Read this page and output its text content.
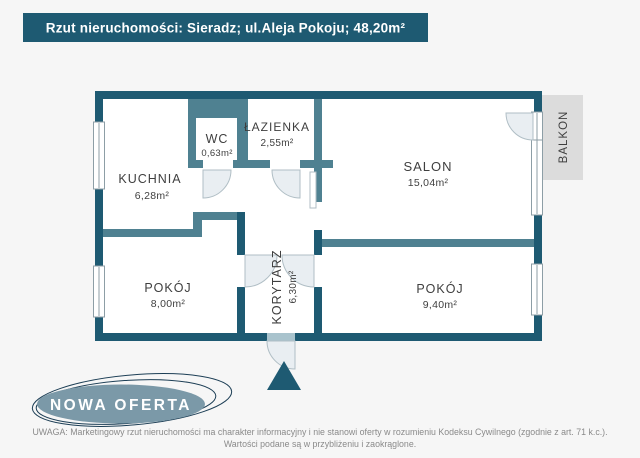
Rzut nieruchomości: Sieradz; ul.Aleja Pokoju; 48,20m²
BALKON
KUCHNIA
6,28m²
WC
0,63m²
ŁAZIENKA
2,55m²
SALON
15,04m²
POKÓJ
8,00m²	KORYTARZ 6,30m²	POKÓJ
9,40m²
NOWA OFERTA
UWAGA: Marketingowy rzut nieruchomości ma charakter informacyjny i nie stanowi oferty w rozumieniu Kodeksu Cywilnego (zgodnie z art. 71 k.c.).
Wartości podane są w przybliżeniu i zaokrąglone.
